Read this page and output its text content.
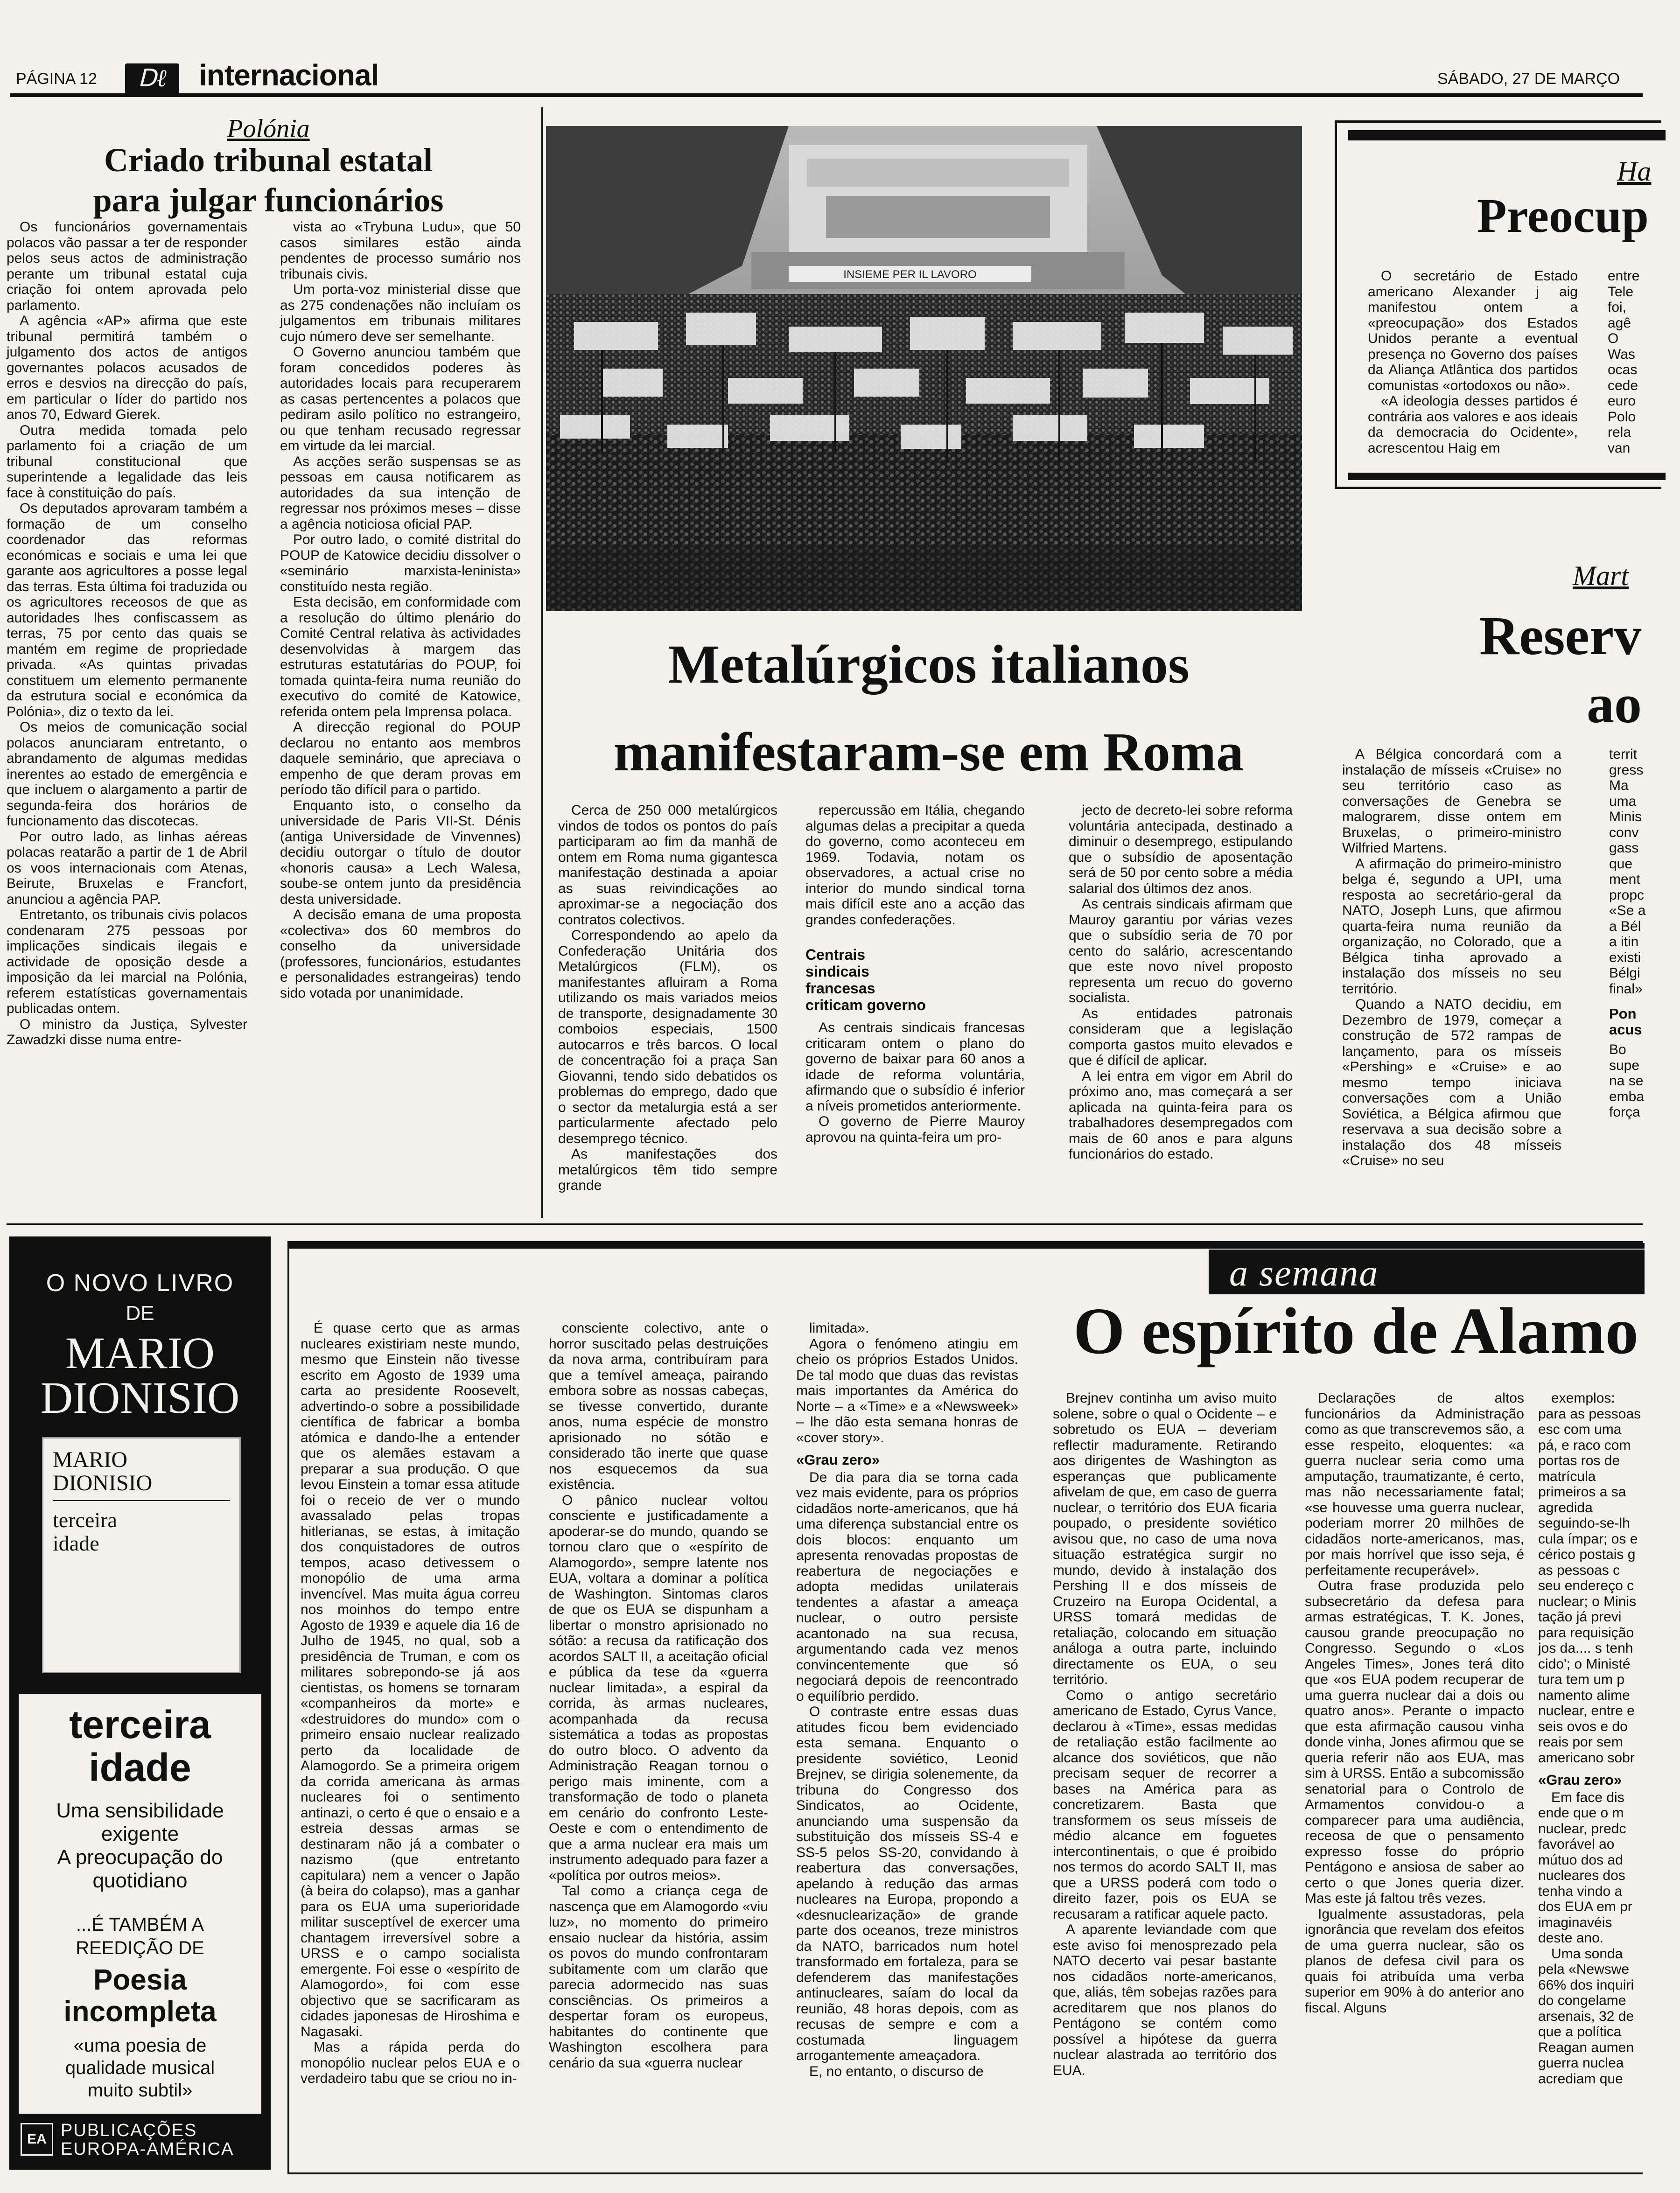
PÁGINA 12	ᗞℓ	internacional	SÁBADO, 27 DE MARÇO
Polónia
Criado tribunal estatal
para julgar funcionários

Os funcionários governamentais polacos vão passar a ter de responder pelos seus actos de administração perante um tribunal estatal cuja criação foi ontem aprovada pelo parlamento.

A agência «AP» afirma que este tribunal permitirá também o julgamento dos actos de antigos governantes polacos acusados de erros e desvios na direcção do país, em particular o líder do partido nos anos 70, Edward Gierek.

Outra medida tomada pelo parlamento foi a criação de um tribunal constitucional que superintende a legalidade das leis face à constituição do país.

Os deputados aprovaram também a formação de um conselho coordenador das reformas económicas e sociais e uma lei que garante aos agricultores a posse legal das terras. Esta última foi traduzida ou os agricultores receosos de que as autoridades lhes confiscassem as terras, 75 por cento das quais se mantém em regime de propriedade privada. «As quintas privadas constituem um elemento permanente da estrutura social e económica da Polónia», diz o texto da lei.

Os meios de comunicação social polacos anunciaram entretanto, o abrandamento de algumas medidas inerentes ao estado de emergência e que incluem o alargamento a partir de segunda-feira dos horários de funcionamento das discotecas.

Por outro lado, as linhas aéreas polacas reatarão a partir de 1 de Abril os voos internacionais com Atenas, Beirute, Bruxelas e Francfort, anunciou a agência PAP.

Entretanto, os tribunais civis polacos condenaram 275 pessoas por implicações sindicais ilegais e actividade de oposição desde a imposição da lei marcial na Polónia, referem estatísticas governamentais publicadas ontem.

O ministro da Justiça, Sylvester Zawadzki disse numa entre-

vista ao «Trybuna Ludu», que 50 casos similares estão ainda pendentes de processo sumário nos tribunais civis.

Um porta-voz ministerial disse que as 275 condenações não incluíam os julgamentos em tribunais militares cujo número deve ser semelhante.

O Governo anunciou também que foram concedidos poderes às autoridades locais para recuperarem as casas pertencentes a polacos que pediram asilo político no estrangeiro, ou que tenham recusado regressar em virtude da lei marcial.

As acções serão suspensas se as pessoas em causa notificarem as autoridades da sua intenção de regressar nos próximos meses – disse a agência noticiosa oficial PAP.

Por outro lado, o comité distrital do POUP de Katowice decidiu dissolver o «seminário marxista-leninista» constituído nesta região.

Esta decisão, em conformidade com a resolução do último plenário do Comité Central relativa às actividades desenvolvidas à margem das estruturas estatutárias do POUP, foi tomada quinta-feira numa reunião do executivo do comité de Katowice, referida ontem pela Imprensa polaca.

A direcção regional do POUP declarou no entanto aos membros daquele seminário, que apreciava o empenho de que deram provas em período tão difícil para o partido.

Enquanto isto, o conselho da universidade de Paris VII-St. Dénis (antiga Universidade de Vinvennes) decidiu outorgar o título de doutor «honoris causa» a Lech Walesa, soube-se ontem junto da presidência desta universidade.

A decisão emana de uma proposta «colectiva» dos 60 membros do conselho da universidade (professores, funcionários, estudantes e personalidades estrangeiras) tendo sido votada por unanimidade.

INSIEME PER IL LAVORO
Metalúrgicos italianos
manifestaram-se em Roma

Cerca de 250 000 metalúrgicos vindos de todos os pontos do país participaram ao fim da manhã de ontem em Roma numa gigantesca manifestação destinada a apoiar as suas reivindicações ao aproximar-se a negociação dos contratos colectivos.

Correspondendo ao apelo da Confederação Unitária dos Metalúrgicos (FLM), os manifestantes afluiram a Roma utilizando os mais variados meios de transporte, designadamente 30 comboios especiais, 1500 autocarros e três barcos. O local de concentração foi a praça San Giovanni, tendo sido debatidos os problemas do emprego, dado que o sector da metalurgia está a ser particularmente afectado pelo desemprego técnico.

As manifestações dos metalúrgicos têm tido sempre grande

repercussão em Itália, chegando algumas delas a precipitar a queda do governo, como aconteceu em 1969. Todavia, notam os observadores, a actual crise no interior do mundo sindical torna mais difícil este ano a acção das grandes confederações.

Centrais sindicais francesas criticam governo

As centrais sindicais francesas criticaram ontem o plano do governo de baixar para 60 anos a idade de reforma voluntária, afirmando que o subsídio é inferior a níveis prometidos anteriormente.

O governo de Pierre Mauroy aprovou na quinta-feira um pro-

jecto de decreto-lei sobre reforma voluntária antecipada, destinado a diminuir o desemprego, estipulando que o subsídio de aposentação será de 50 por cento sobre a média salarial dos últimos dez anos.

As centrais sindicais afirmam que Mauroy garantiu por várias vezes que o subsídio seria de 70 por cento do salário, acrescentando que este novo nível proposto representa um recuo do governo socialista.

As entidades patronais consideram que a legislação comporta gastos muito elevados e que é difícil de aplicar.

A lei entra em vigor em Abril do próximo ano, mas começará a ser aplicada na quinta-feira para os trabalhadores desempregados com mais de 60 anos e para alguns funcionários do estado.

Ha
Preocup

O secretário de Estado americano Alexander j aig manifestou ontem a «preocupação» dos Estados Unidos perante a eventual presença no Governo dos países da Aliança Atlântica dos partidos comunistas «ortodoxos ou não».

«A ideologia desses partidos é contrária aos valores e aos ideais da democracia do Ocidente», acrescentou Haig em

entre

Tele

foi,

agê

O

Was

ocas

cede

euro

Polo

rela

van

Mart
Reserv
ao

A Bélgica concordará com a instalação de mísseis «Cruise» no seu território caso as conversações de Genebra se malograrem, disse ontem em Bruxelas, o primeiro-ministro Wilfried Martens.

A afirmação do primeiro-ministro belga é, segundo a UPI, uma resposta ao secretário-geral da NATO, Joseph Luns, que afirmou quarta-feira numa reunião da organização, no Colorado, que a Bélgica tinha aprovado a instalação dos mísseis no seu território.

Quando a NATO decidiu, em Dezembro de 1979, começar a construção de 572 rampas de lançamento, para os mísseis «Pershing» e «Cruise» e ao mesmo tempo iniciava conversações com a União Soviética, a Bélgica afirmou que reservava a sua decisão sobre a instalação dos 48 mísseis «Cruise» no seu

territ

gress

Ma

uma

Minis

conv

gass

que

ment

propc

«Se a

a Bél

a itin

existi

Bélgi

final»

Pon acus

Bo

supe

na se

emba

força

O NOVO LIVRO
DE
MARIO
DIONISIO
MARIO
DIONISIO
terceira
idade
terceira
idade
Uma sensibilidade
exigente
A preocupação do
quotidiano
...É TAMBÉM A
REEDIÇÃO DE
Poesia
incompleta
«uma poesia de
qualidade musical
muito subtil»
EA PUBLICAÇÕES
EUROPA-AMÉRICA
a semana
O espírito de Alamo

É quase certo que as armas nucleares existiriam neste mundo, mesmo que Einstein não tivesse escrito em Agosto de 1939 uma carta ao presidente Roosevelt, advertindo-o sobre a possibilidade científica de fabricar a bomba atómica e dando-lhe a entender que os alemães estavam a preparar a sua produção. O que levou Einstein a tomar essa atitude foi o receio de ver o mundo avassalado pelas tropas hitlerianas, se estas, à imitação dos conquistadores de outros tempos, acaso detivessem o monopólio de uma arma invencível. Mas muita água correu nos moinhos do tempo entre Agosto de 1939 e aquele dia 16 de Julho de 1945, no qual, sob a presidência de Truman, e com os militares sobrepondo-se já aos cientistas, os homens se tornaram «companheiros da morte» e «destruidores do mundo» com o primeiro ensaio nuclear realizado perto da localidade de Alamogordo. Se a primeira origem da corrida americana às armas nucleares foi o sentimento antinazi, o certo é que o ensaio e a estreia dessas armas se destinaram não já a combater o nazismo (que entretanto capitulara) nem a vencer o Japão (à beira do colapso), mas a ganhar para os EUA uma superioridade militar susceptível de exercer uma chantagem irreversível sobre a URSS e o campo socialista emergente. Foi esse o «espírito de Alamogordo», foi com esse objectivo que se sacrificaram as cidades japonesas de Hiroshima e Nagasaki.

Mas a rápida perda do monopólio nuclear pelos EUA e o verdadeiro tabu que se criou no in-

consciente colectivo, ante o horror suscitado pelas destruições da nova arma, contribuíram para que a temível ameaça, pairando embora sobre as nossas cabeças, se tivesse convertido, durante anos, numa espécie de monstro aprisionado no sótão e considerado tão inerte que quase nos esquecemos da sua existência.

O pânico nuclear voltou consciente e justificadamente a apoderar-se do mundo, quando se tornou claro que o «espírito de Alamogordo», sempre latente nos EUA, voltara a dominar a política de Washington. Sintomas claros de que os EUA se dispunham a libertar o monstro aprisionado no sótão: a recusa da ratificação dos acordos SALT II, a aceitação oficial e pública da tese da «guerra nuclear limitada», a espiral da corrida, às armas nucleares, acompanhada da recusa sistemática a todas as propostas do outro bloco. O advento da Administração Reagan tornou o perigo mais iminente, com a transformação de todo o planeta em cenário do confronto Leste-Oeste e com o entendimento de que a arma nuclear era mais um instrumento adequado para fazer a «política por outros meios».

Tal como a criança cega de nascença que em Alamogordo «viu luz», no momento do primeiro ensaio nuclear da história, assim os povos do mundo confrontaram subitamente com um clarão que parecia adormecido nas suas consciências. Os primeiros a despertar foram os europeus, habitantes do continente que Washington escolhera para cenário da sua «guerra nuclear

limitada».

Agora o fenómeno atingiu em cheio os próprios Estados Unidos. De tal modo que duas das revistas mais importantes da América do Norte – a «Time» e a «Newsweek» – lhe dão esta semana honras de «cover story».

«Grau zero»

De dia para dia se torna cada vez mais evidente, para os próprios cidadãos norte-americanos, que há uma diferença substancial entre os dois blocos: enquanto um apresenta renovadas propostas de reabertura de negociações e adopta medidas unilaterais tendentes a afastar a ameaça nuclear, o outro persiste acantonado na sua recusa, argumentando cada vez menos convincentemente que só negociará depois de reencontrado o equilíbrio perdido.

O contraste entre essas duas atitudes ficou bem evidenciado esta semana. Enquanto o presidente soviético, Leonid Brejnev, se dirigia solenemente, da tribuna do Congresso dos Sindicatos, ao Ocidente, anunciando uma suspensão da substituição dos mísseis SS-4 e SS-5 pelos SS-20, convidando à reabertura das conversações, apelando à redução das armas nucleares na Europa, propondo a «desnuclearização» de grande parte dos oceanos, treze ministros da NATO, barricados num hotel transformado em fortaleza, para se defenderem das manifestações antinucleares, saíam do local da reunião, 48 horas depois, com as recusas de sempre e com a costumada linguagem arrogantemente ameaçadora.

E, no entanto, o discurso de

Brejnev continha um aviso muito solene, sobre o qual o Ocidente – e sobretudo os EUA – deveriam reflectir maduramente. Retirando aos dirigentes de Washington as esperanças que publicamente afivelam de que, em caso de guerra nuclear, o território dos EUA ficaria poupado, o presidente soviético avisou que, no caso de uma nova situação estratégica surgir no mundo, devido à instalação dos Pershing II e dos mísseis de Cruzeiro na Europa Ocidental, a URSS tomará medidas de retaliação, colocando em situação análoga a outra parte, incluindo directamente os EUA, o seu território.

Como o antigo secretário americano de Estado, Cyrus Vance, declarou à «Time», essas medidas de retaliação estão facilmente ao alcance dos soviéticos, que não precisam sequer de recorrer a bases na América para as concretizarem. Basta que transformem os seus mísseis de médio alcance em foguetes intercontinentais, o que é proibido nos termos do acordo SALT II, mas que a URSS poderá com todo o direito fazer, pois os EUA se recusaram a ratificar aquele pacto.

A aparente leviandade com que este aviso foi menosprezado pela NATO decerto vai pesar bastante nos cidadãos norte-americanos, que, aliás, têm sobejas razões para acreditarem que nos planos do Pentágono se contém como possível a hipótese da guerra nuclear alastrada ao território dos EUA.

Declarações de altos funcionários da Administração como as que transcrevemos são, a esse respeito, eloquentes: «a guerra nuclear seria como uma amputação, traumatizante, é certo, mas não necessariamente fatal; «se houvesse uma guerra nuclear, poderiam morrer 20 milhões de cidadãos norte-americanos, mas, por mais horrível que isso seja, é perfeitamente recuperável».

Outra frase produzida pelo subsecretário da defesa para armas estratégicas, T. K. Jones, causou grande preocupação no Congresso. Segundo o «Los Angeles Times», Jones terá dito que «os EUA podem recuperar de uma guerra nuclear dai a dois ou quatro anos». Perante o impacto que esta afirmação causou vinha donde vinha, Jones afirmou que se queria referir não aos EUA, mas sim à URSS. Então a subcomissão senatorial para o Controlo de Armamentos convidou-o a comparecer para uma audiência, receosa de que o pensamento expresso fosse do próprio Pentágono e ansiosa de saber ao certo o que Jones queria dizer. Mas este já faltou três vezes.

Igualmente assustadoras, pela ignorância que revelam dos efeitos de uma guerra nuclear, são os planos de defesa civil para os quais foi atribuída uma verba superior em 90% à do anterior ano fiscal. Alguns

exemplos: para as pessoas esc com uma pá, e raco com portas ros de matrícula primeiros a sa agredida seguindo-se-lh cula ímpar; os e cérico postais g as pessoas c seu endereço c nuclear; o Minis tação já previ para requisição jos da.... s tenh cido'; o Ministé tura tem um p namento alime nuclear, entre e seis ovos e do reais por sem americano sobr

«Grau zero»

Em face dis ende que o m nuclear, predc favorável ao mútuo dos ad nucleares dos tenha vindo a dos EUA em pr imaginavéis deste ano.

Uma sonda pela «Newswe 66% dos inquiri do congelame arsenais, 32 de que a política Reagan aumen guerra nuclea acrediam que
